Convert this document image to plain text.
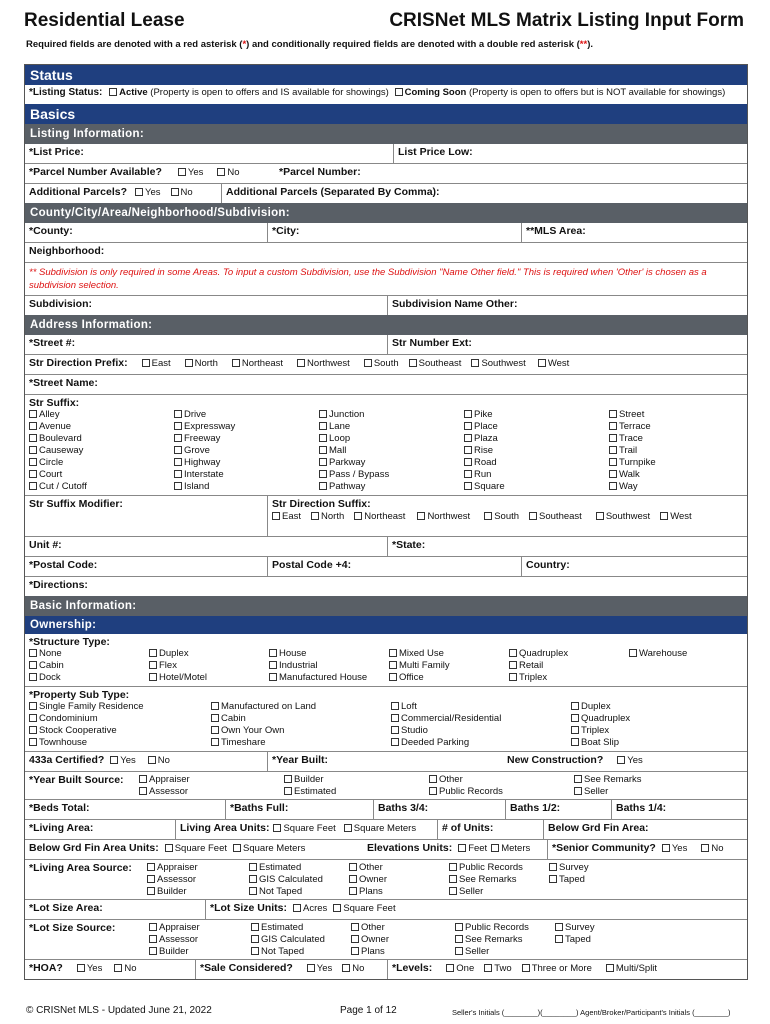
Residential Lease	CRISNet MLS Matrix Listing Input Form
Required fields are denoted with a red asterisk (*) and conditionally required fields are denoted with a double red asterisk (**).
Status
*Listing Status: Active (Property is open to offers and IS available for showings) Coming Soon (Property is open to offers but is NOT available for showings)
Basics
Listing Information:
*List Price:	List Price Low:
*Parcel Number Available?	Yes	No	*Parcel Number:
Additional Parcels? Yes No	Additional Parcels (Separated By Comma):
County/City/Area/Neighborhood/Subdivision:
*County:	*City:	**MLS Area:
Neighborhood:
** Subdivision is only required in some Areas. To input a custom Subdivision, use the Subdivision "Name Other field." This is required when 'Other' is chosen as a subdivision selection.
Subdivision:	Subdivision Name Other:
Address Information:
*Street #:	Str Number Ext:
Str Direction Prefix:	East	North	Northeast	Northwest	South Southeast Southwest West
*Street Name:
Str Suffix:
Alley	Drive	Junction	Pike	Street
Avenue	Expressway	Lane	Place	Terrace
Boulevard	Freeway	Loop	Plaza	Trace
Causeway	Grove	Mall	Rise	Trail
Circle	Highway	Parkway	Road	Turnpike
Court	Interstate	Pass / Bypass	Run	Walk
Cut / Cutoff	Island	Pathway	Square	Way
Str Suffix Modifier:	Str Direction Suffix:
East North Northeast Northwest	South Southeast	Southwest West
Unit #:	*State:
*Postal Code:	Postal Code +4:	Country:
*Directions:
Basic Information:
Ownership:
*Structure Type:
None	Duplex	House	Mixed Use	Quadruplex	Warehouse
Cabin	Flex	Industrial	Multi Family	Retail
Dock	Hotel/Motel	Manufactured House	Office	Triplex
*Property Sub Type:
Single Family Residence	Manufactured on Land	Loft	Duplex
Condominium	Cabin	Commercial/Residential	Quadruplex
Stock Cooperative	Own Your Own	Studio	Triplex
Townhouse	Timeshare	Deeded Parking	Boat Slip
433a Certified? Yes No	*Year Built:	New Construction?	Yes
*Year Built Source:	Appraiser	Builder	Other	See Remarks
Assessor	Estimated	Public Records	Seller
*Beds Total:	*Baths Full:	Baths 3/4:	Baths 1/2:	Baths 1/4:
*Living Area:	Living Area Units: Square Feet Square Meters	# of Units:	Below Grd Fin Area:
Below Grd Fin Area Units: Square Feet Square Meters	Elevations Units: Feet Meters	*Senior Community? Yes	No
*Living Area Source:	Appraiser	Estimated	Other	Public Records	Survey
Assessor	GIS Calculated	Owner	See Remarks	Taped
Builder	Not Taped	Plans	Seller
*Lot Size Area:	*Lot Size Units: Acres Square Feet
*Lot Size Source:	Appraiser	Estimated	Other	Public Records	Survey
Assessor	GIS Calculated	Owner	See Remarks	Taped
Builder	Not Taped	Plans	Seller
*HOA?	Yes No	*Sale Considered?	Yes No	*Levels:	One Two Three or More	Multi/Split
© CRISNet MLS - Updated June 21, 2022	Page 1 of 12	Seller's Initials (________)(________) Agent/Broker/Participant's Initials (________)
